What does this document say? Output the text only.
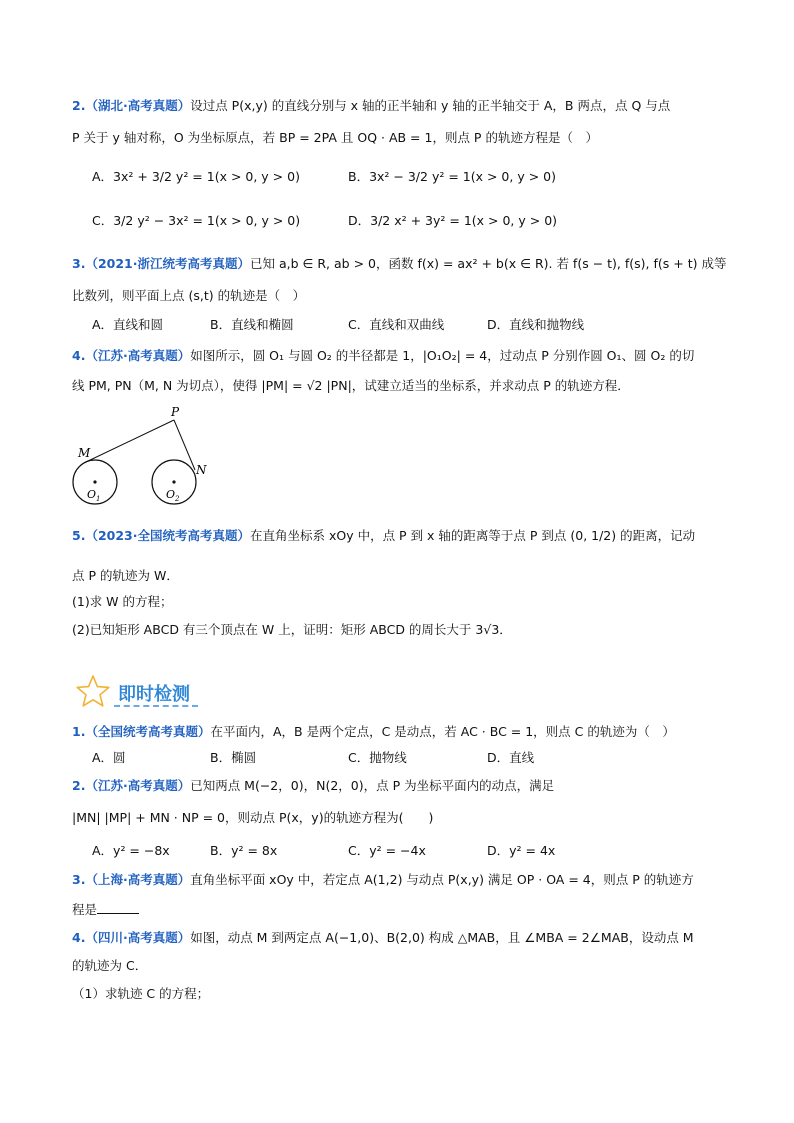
2.（湖北·高考真题）设过点 P(x,y) 的直线分别与 x 轴的正半轴和 y 轴的正半轴交于 A，B 两点，点 Q 与点
P 关于 y 轴对称，O 为坐标原点，若 BP = 2PA 且 OQ · AB = 1，则点 P 的轨迹方程是（　）
A．3x² + 3/2 y² = 1(x > 0, y > 0)	B．3x² − 3/2 y² = 1(x > 0, y > 0)
C．3/2 y² − 3x² = 1(x > 0, y > 0)	D．3/2 x² + 3y² = 1(x > 0, y > 0)
3.（2021·浙江统考高考真题）已知 a,b ∈ R, ab > 0，函数 f(x) = ax² + b(x ∈ R). 若 f(s − t), f(s), f(s + t) 成等
比数列，则平面上点 (s,t) 的轨迹是（　）
A．直线和圆	B．直线和椭圆	C．直线和双曲线	D．直线和抛物线
4.（江苏·高考真题）如图所示，圆 O₁ 与圆 O₂ 的半径都是 1，|O₁O₂| = 4，过动点 P 分别作圆 O₁、圆 O₂ 的切
线 PM, PN（M, N 为切点），使得 |PM| = √2 |PN|，试建立适当的坐标系，并求动点 P 的轨迹方程．
P
M
N
$O_1$	$O_2$
5.（2023·全国统考高考真题）在直角坐标系 xOy 中，点 P 到 x 轴的距离等于点 P 到点 (0, 1/2) 的距离，记动
点 P 的轨迹为 W．
(1)求 W 的方程；
(2)已知矩形 ABCD 有三个顶点在 W 上，证明：矩形 ABCD 的周长大于 3√3．
即时检测
1.（全国统考高考真题）在平面内，A，B 是两个定点，C 是动点，若 AC · BC = 1，则点 C 的轨迹为（　）
A．圆	B．椭圆	C．抛物线	D．直线
2.（江苏·高考真题）已知两点 M(−2，0)，N(2，0)，点 P 为坐标平面内的动点，满足
|MN| |MP| + MN · NP = 0，则动点 P(x，y)的轨迹方程为(　　)
A．y² = −8x	B．y² = 8x	C．y² = −4x	D．y² = 4x
3.（上海·高考真题）直角坐标平面 xOy 中，若定点 A(1,2) 与动点 P(x,y) 满足 OP · OA = 4，则点 P 的轨迹方
程是
4.（四川·高考真题）如图，动点 M 到两定点 A(−1,0)、B(2,0) 构成 △MAB，且 ∠MBA = 2∠MAB，设动点 M
的轨迹为 C．
（1）求轨迹 C 的方程；
